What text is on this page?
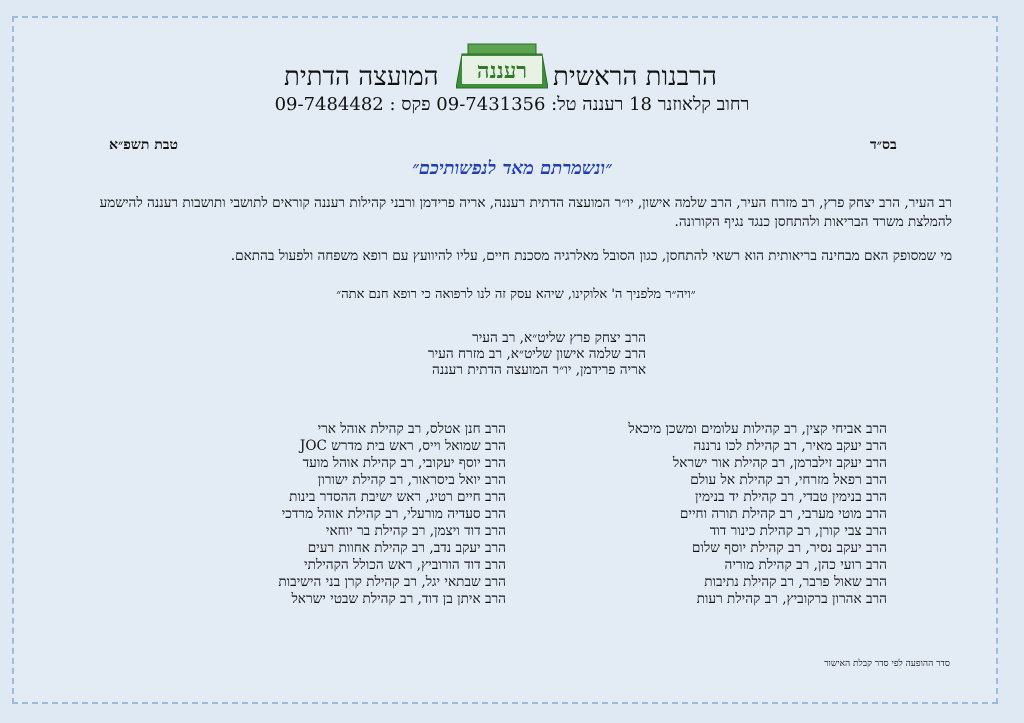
הרבנות הראשית
רעננה
המועצה הדתית
רחוב קלאוזנר 18 רעננה טל: 09-7431356 פקס : 09-7484482
בס״ד
טבת תשפ״א
״ונשמרתם מאד לנפשותיכם״
רב העיר, הרב יצחק פרץ, רב מזרח העיר, הרב שלמה אישון, יו״ר המועצה הדתית רעננה, אריה פרידמן ורבני קהילות רעננה קוראים לתושבי ותושבות רעננה להישמע להמלצת משרד הבריאות ולהתחסן כנגד נגיף הקורונה.
מי שמסופק האם מבחינה בריאותית הוא רשאי להתחסן, כגון הסובל מאלרגיה מסכנת חיים, עליו להיוועץ עם רופא משפחה ולפעול בהתאם.
״ויה״ר מלפניך ה' אלוקינו, שיהא עסק זה לנו לרפואה כי רופא חנם אתה״
הרב יצחק פרץ שליט״א, רב העיר
הרב שלמה אישון שליט״א, רב מזרח העיר
אריה פרידמן, יו״ר המועצה הדתית רעננה
הרב אביחי קצין, רב קהילות עלומים ומשכן מיכאל
הרב יעקב מאיר, רב קהילת לכו נרננה
הרב יעקב זילברמן, רב קהילת אור ישראל
הרב רפאל מזרחי, רב קהילת אל עולם
הרב בנימין טבדי, רב קהילת יד בנימין
הרב מוטי מערבי, רב קהילת תורה וחיים
הרב צבי קורן, רב קהילת כינור דוד
הרב יעקב נסיר, רב קהילת יוסף שלום
הרב רועי כהן, רב קהילת מוריה
הרב שאול פרבר, רב קהילת נתיבות
הרב אהרון ברקוביץ, רב קהילת רעות
הרב חנן אטלס, רב קהילת אוהל ארי
הרב שמואל וייס, ראש בית מדרש JOC
הרב יוסף יעקובי, רב קהילת אוהל מועד
הרב יואל ביסראור, רב קהילת ישורון
הרב חיים רטיג, ראש ישיבת ההסדר בינות
הרב סעדיה מורעלי, רב קהילת אוהל מרדכי
הרב דוד ויצמן, רב קהילת בר יוחאי
הרב יעקב נדב, רב קהילת אחוות רעים
הרב דוד הורוביץ, ראש הכולל הקהילתי
הרב שבתאי יגל, רב קהילת קרן בני הישיבות
הרב איתן בן דוד, רב קהילת שבטי ישראל
סדר ההופעה לפי סדר קבלת האישור
